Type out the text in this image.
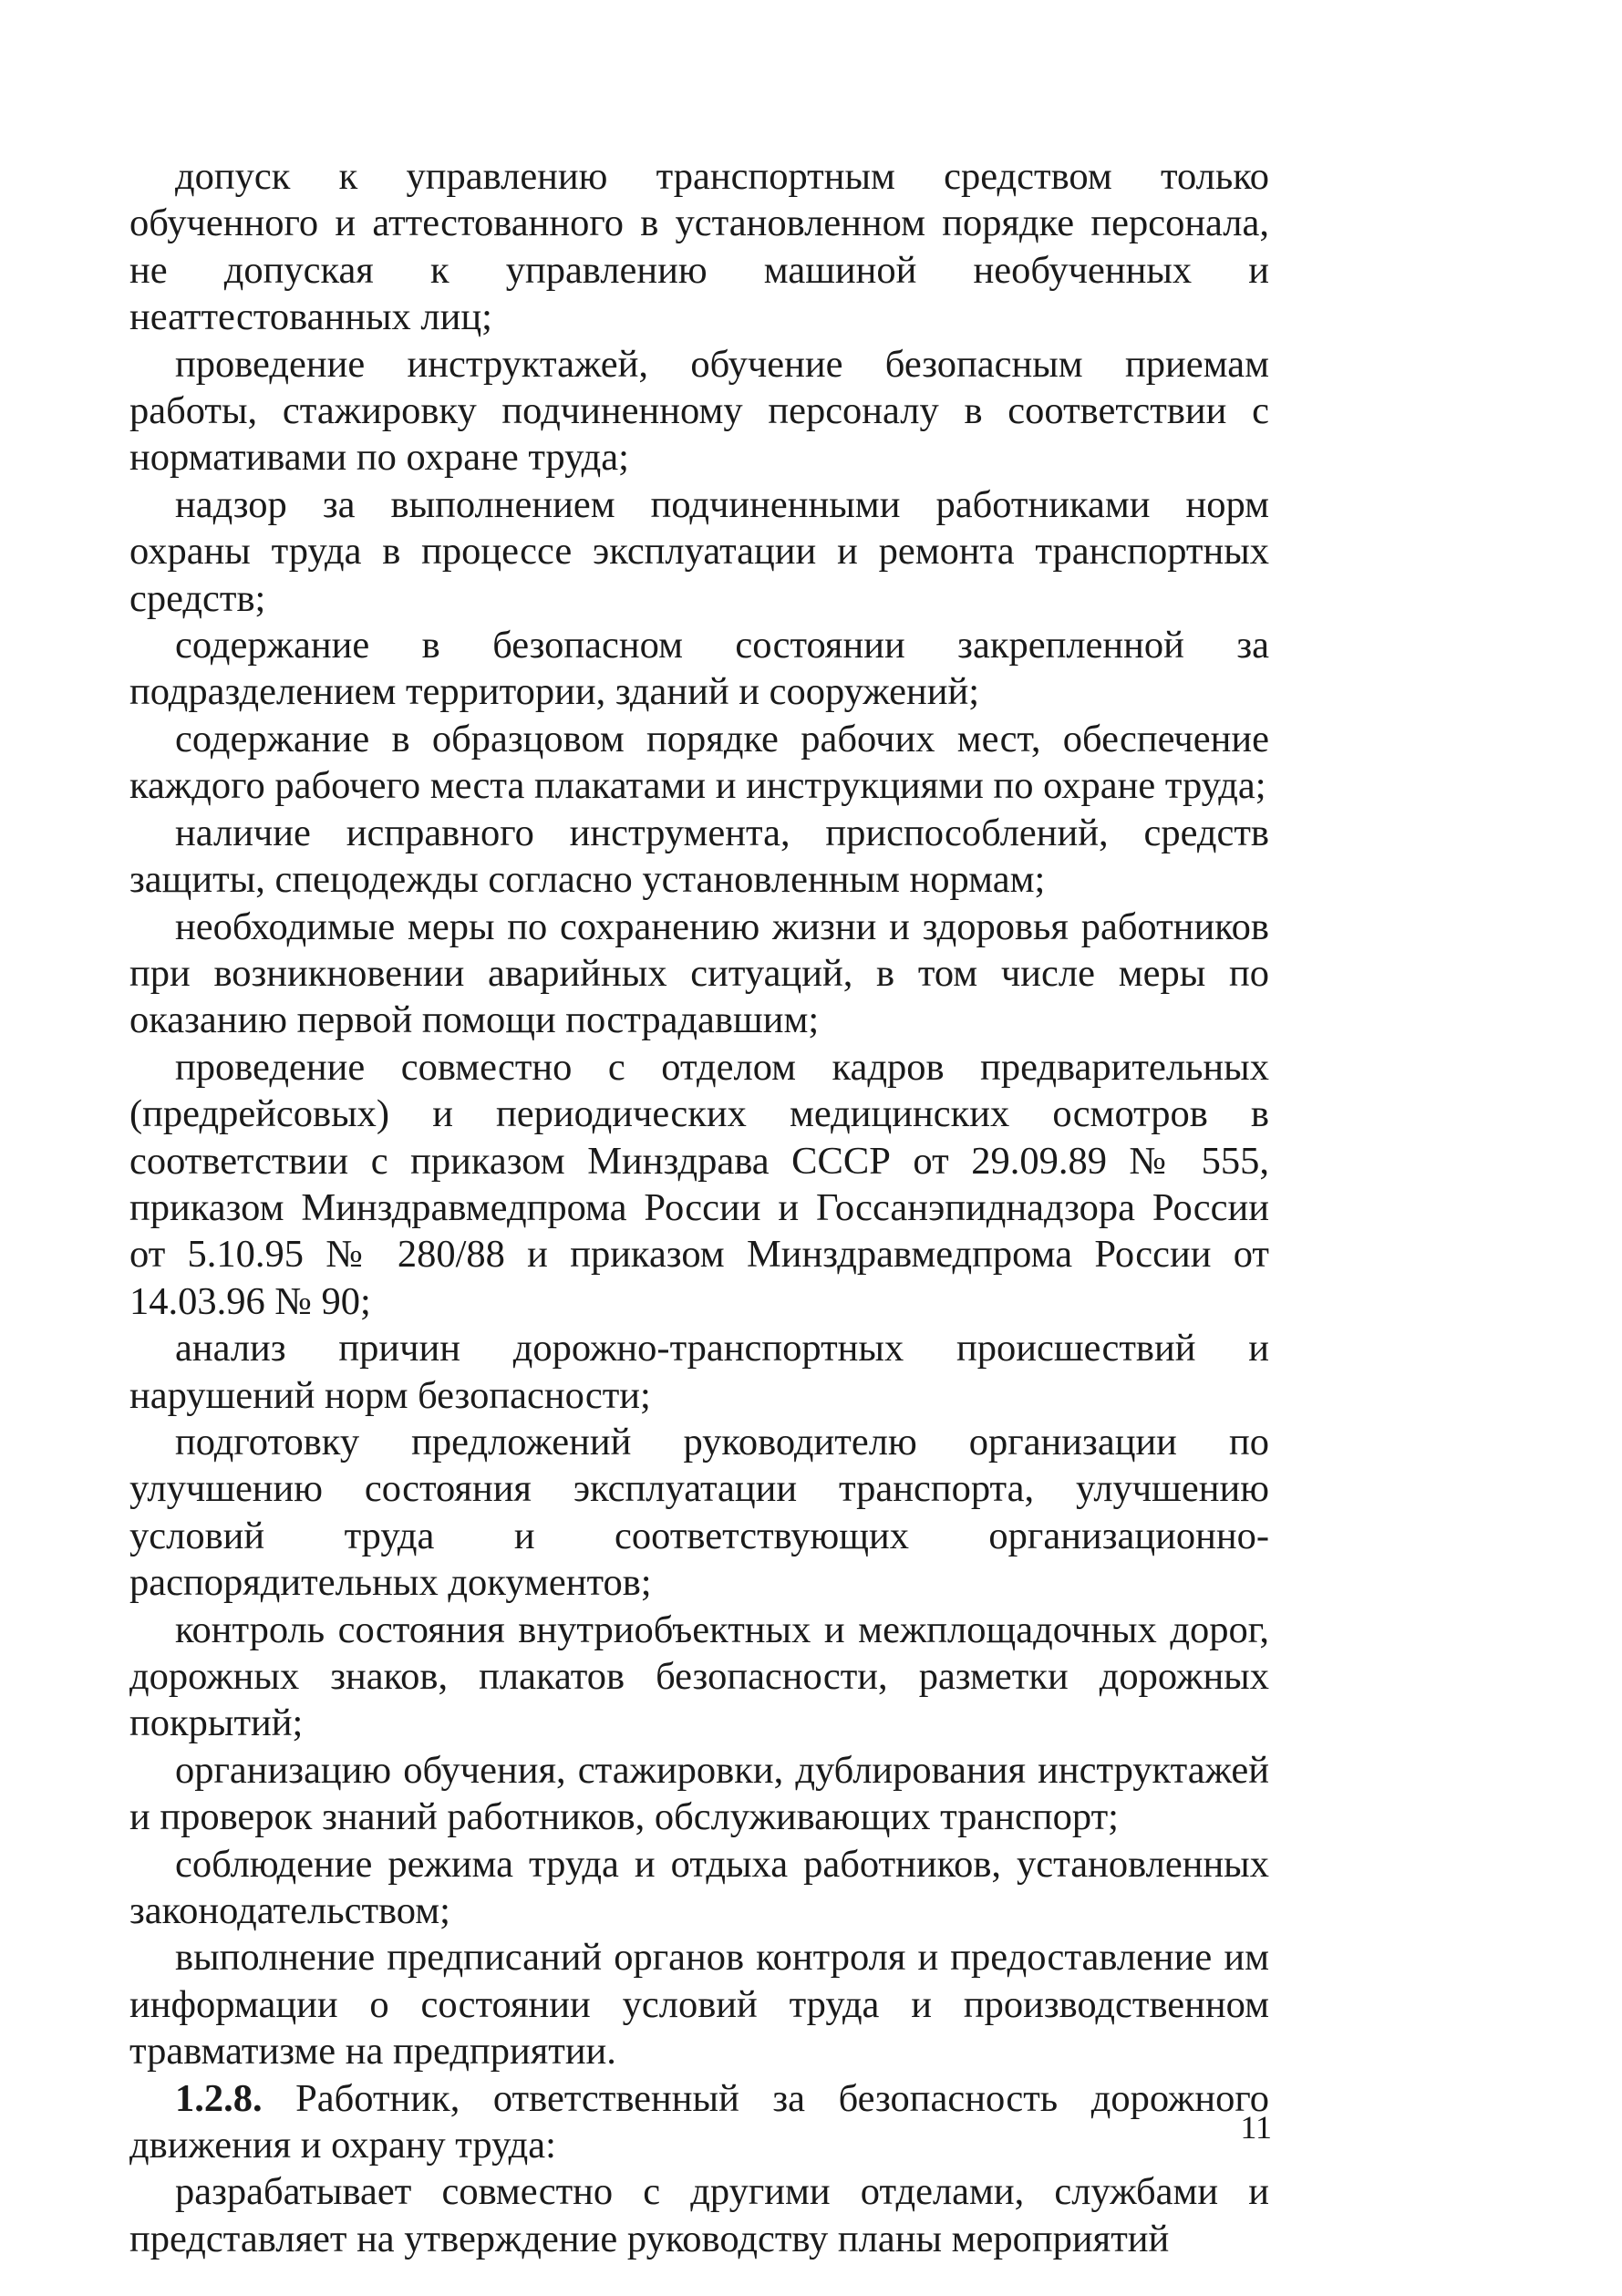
допуск к управлению транспортным средством только обученного и аттестованного в установленном порядке персонала, не допуская к управлению машиной необученных и неаттестованных лиц;

проведение инструктажей, обучение безопасным приемам работы, стажировку подчиненному персоналу в соответствии с нормативами по охране труда;

надзор за выполнением подчиненными работниками норм охраны труда в процессе эксплуатации и ремонта транспортных средств;

содержание в безопасном состоянии закрепленной за подразделением территории, зданий и сооружений;

содержание в образцовом порядке рабочих мест, обеспечение каждого рабочего места плакатами и инструкциями по охране труда;

наличие исправного инструмента, приспособлений, средств защиты, спецодежды согласно установленным нормам;

необходимые меры по сохранению жизни и здоровья работников при возникновении аварийных ситуаций, в том числе меры по оказанию первой помощи пострадавшим;

проведение совместно с отделом кадров предварительных (предрейсовых) и периодических медицинских осмотров в соответствии с приказом Минздрава СССР от 29.09.89 № 555, приказом Минздравмедпрома России и Госсанэпиднадзора России от 5.10.95 № 280/88 и приказом Минздравмедпрома России от 14.03.96 № 90;

анализ причин дорожно-транспортных происшествий и нарушений норм безопасности;

подготовку предложений руководителю организации по улучшению состояния эксплуатации транспорта, улучшению условий труда и соответствующих организационно-распорядительных документов;

контроль состояния внутриобъектных и межплощадочных дорог, дорожных знаков, плакатов безопасности, разметки дорожных покрытий;

организацию обучения, стажировки, дублирования инструктажей и проверок знаний работников, обслуживающих транспорт;

соблюдение режима труда и отдыха работников, установленных законодательством;

выполнение предписаний органов контроля и предоставление им информации о состоянии условий труда и производственном травматизме на предприятии.

1.2.8. Работник, ответственный за безопасность дорожного движения и охрану труда:

разрабатывает совместно с другими отделами, службами и представляет на утверждение руководству планы мероприятий

11
